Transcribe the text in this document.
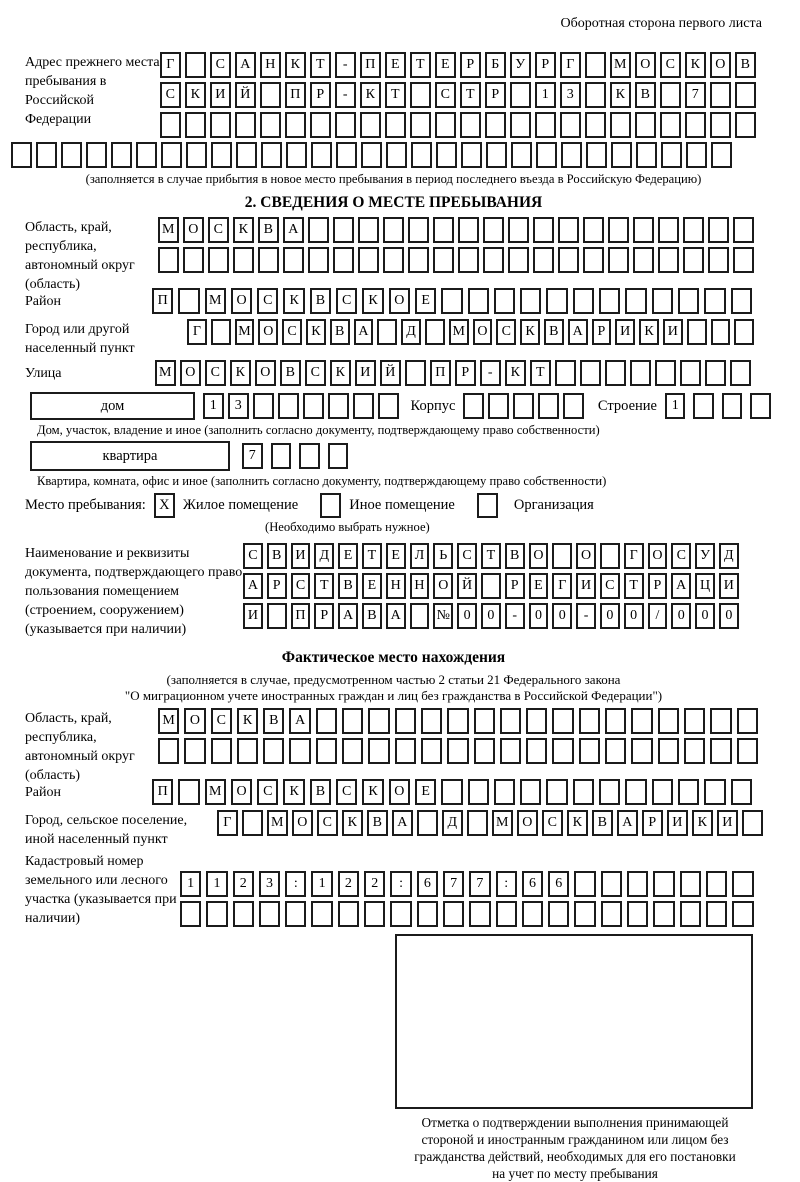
Оборотная сторона первого листа
Адрес прежнего места пребывания в Российской Федерации
Г	С	А	Н	К	Т	-	П	Е	Т	Е	Р	Б	У	Р	Г	М О	С	К	О	В
С	К	И	Й	П	Р	-	К	Т	С	Т	Р	1	3	К	В	7
(заполняется в случае прибытия в новое место пребывания в период последнего въезда в Российскую Федерацию)
2. СВЕДЕНИЯ О МЕСТЕ ПРЕБЫВАНИЯ
Область, край, республика, автономный округ (область)
М О	С	К	В	А
Район	П	М	О	С	К	В	С	К	О	Е
Город или другой населенный пункт
Г	М О	С	К	В	А	Д	М О	С	К	В	А	Р	И	К	И
Улица	М О	С	К	О	В	С	К	И	Й	П	Р	-	К	Т
дом	1	3	Корпус	Строение	1
Дом, участок, владение и иное (заполнить согласно документу, подтверждающему право собственности)
квартира	7
Квартира, комната, офис и иное (заполнить согласно документу, подтверждающему право собственности)
Место пребывания: X Жилое помещение	Иное помещение	Организация
(Необходимо выбрать нужное)
Наименование и реквизиты документа, подтверждающего право пользования помещением (строением, сооружением) (указывается при наличии)
С	В	И Д	Е	Т	Е	Л	Ь	С	Т	В	О	О	Г	О	С	У	Д
А	Р	С	Т	В	Е	Н Н О Й	Р	Е	Г	И	С	Т	Р	А Ц И
И	П	Р	А	В	А	№ 0	0	-	0	0	-	0	0	/	0	0	0
Фактическое место нахождения
(заполняется в случае, предусмотренном частью 2 статьи 21 Федерального закона
"О миграционном учете иностранных граждан и лиц без гражданства в Российской Федерации")
Область, край, республика, автономный округ (область)
М	О	С	К	В	А
Район	П	М	О	С	К	В	С	К	О	Е
Город, сельское поселение, иной населенный пункт
Г	М О	С	К	В	А	Д	М О	С	К	В	А	Р	И	К	И
Кадастровый номер земельного или лесного участка (указывается при наличии)
1	1	2	3	:	1	2	2	:	6	7	7	:	6	6
Отметка о подтверждении выполнения принимающей
стороной и иностранным гражданином или лицом без
гражданства действий, необходимых для его постановки
на учет по месту пребывания
